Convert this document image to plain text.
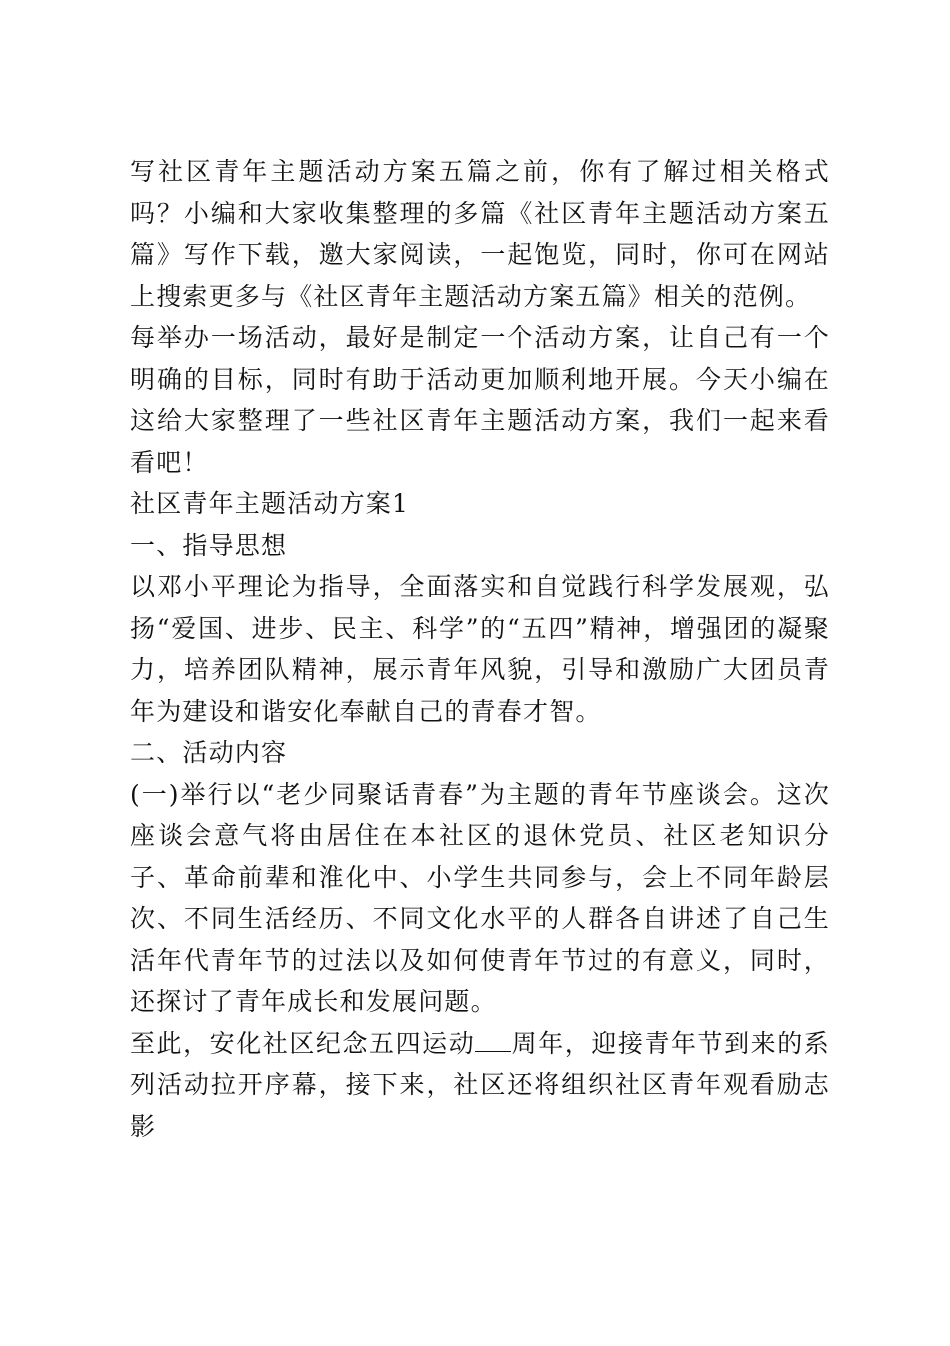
写社区青年主题活动方案五篇之前，你有了解过相关格式吗？小编和大家收集整理的多篇《社区青年主题活动方案五篇》写作下载，邀大家阅读，一起饱览，同时，你可在网站上搜索更多与《社区青年主题活动方案五篇》相关的范例。

每举办一场活动，最好是制定一个活动方案，让自己有一个明确的目标，同时有助于活动更加顺利地开展。今天小编在这给大家整理了一些社区青年主题活动方案，我们一起来看看吧！

社区青年主题活动方案1

一、指导思想

以邓小平理论为指导，全面落实和自觉践行科学发展观，弘扬“爱国、进步、民主、科学”的“五四”精神，增强团的凝聚力，培养团队精神，展示青年风貌，引导和激励广大团员青年为建设和谐安化奉献自己的青春才智。

二、活动内容

(一)举行以“老少同聚话青春”为主题的青年节座谈会。这次座谈会意气将由居住在本社区的退休党员、社区老知识分子、革命前辈和淮化中、小学生共同参与，会上不同年龄层次、不同生活经历、不同文化水平的人群各自讲述了自己生活年代青年节的过法以及如何使青年节过的有意义，同时，还探讨了青年成长和发展问题。

至此，安化社区纪念五四运动 周年，迎接青年节到来的系列活动拉开序幕，接下来，社区还将组织社区青年观看励志影
